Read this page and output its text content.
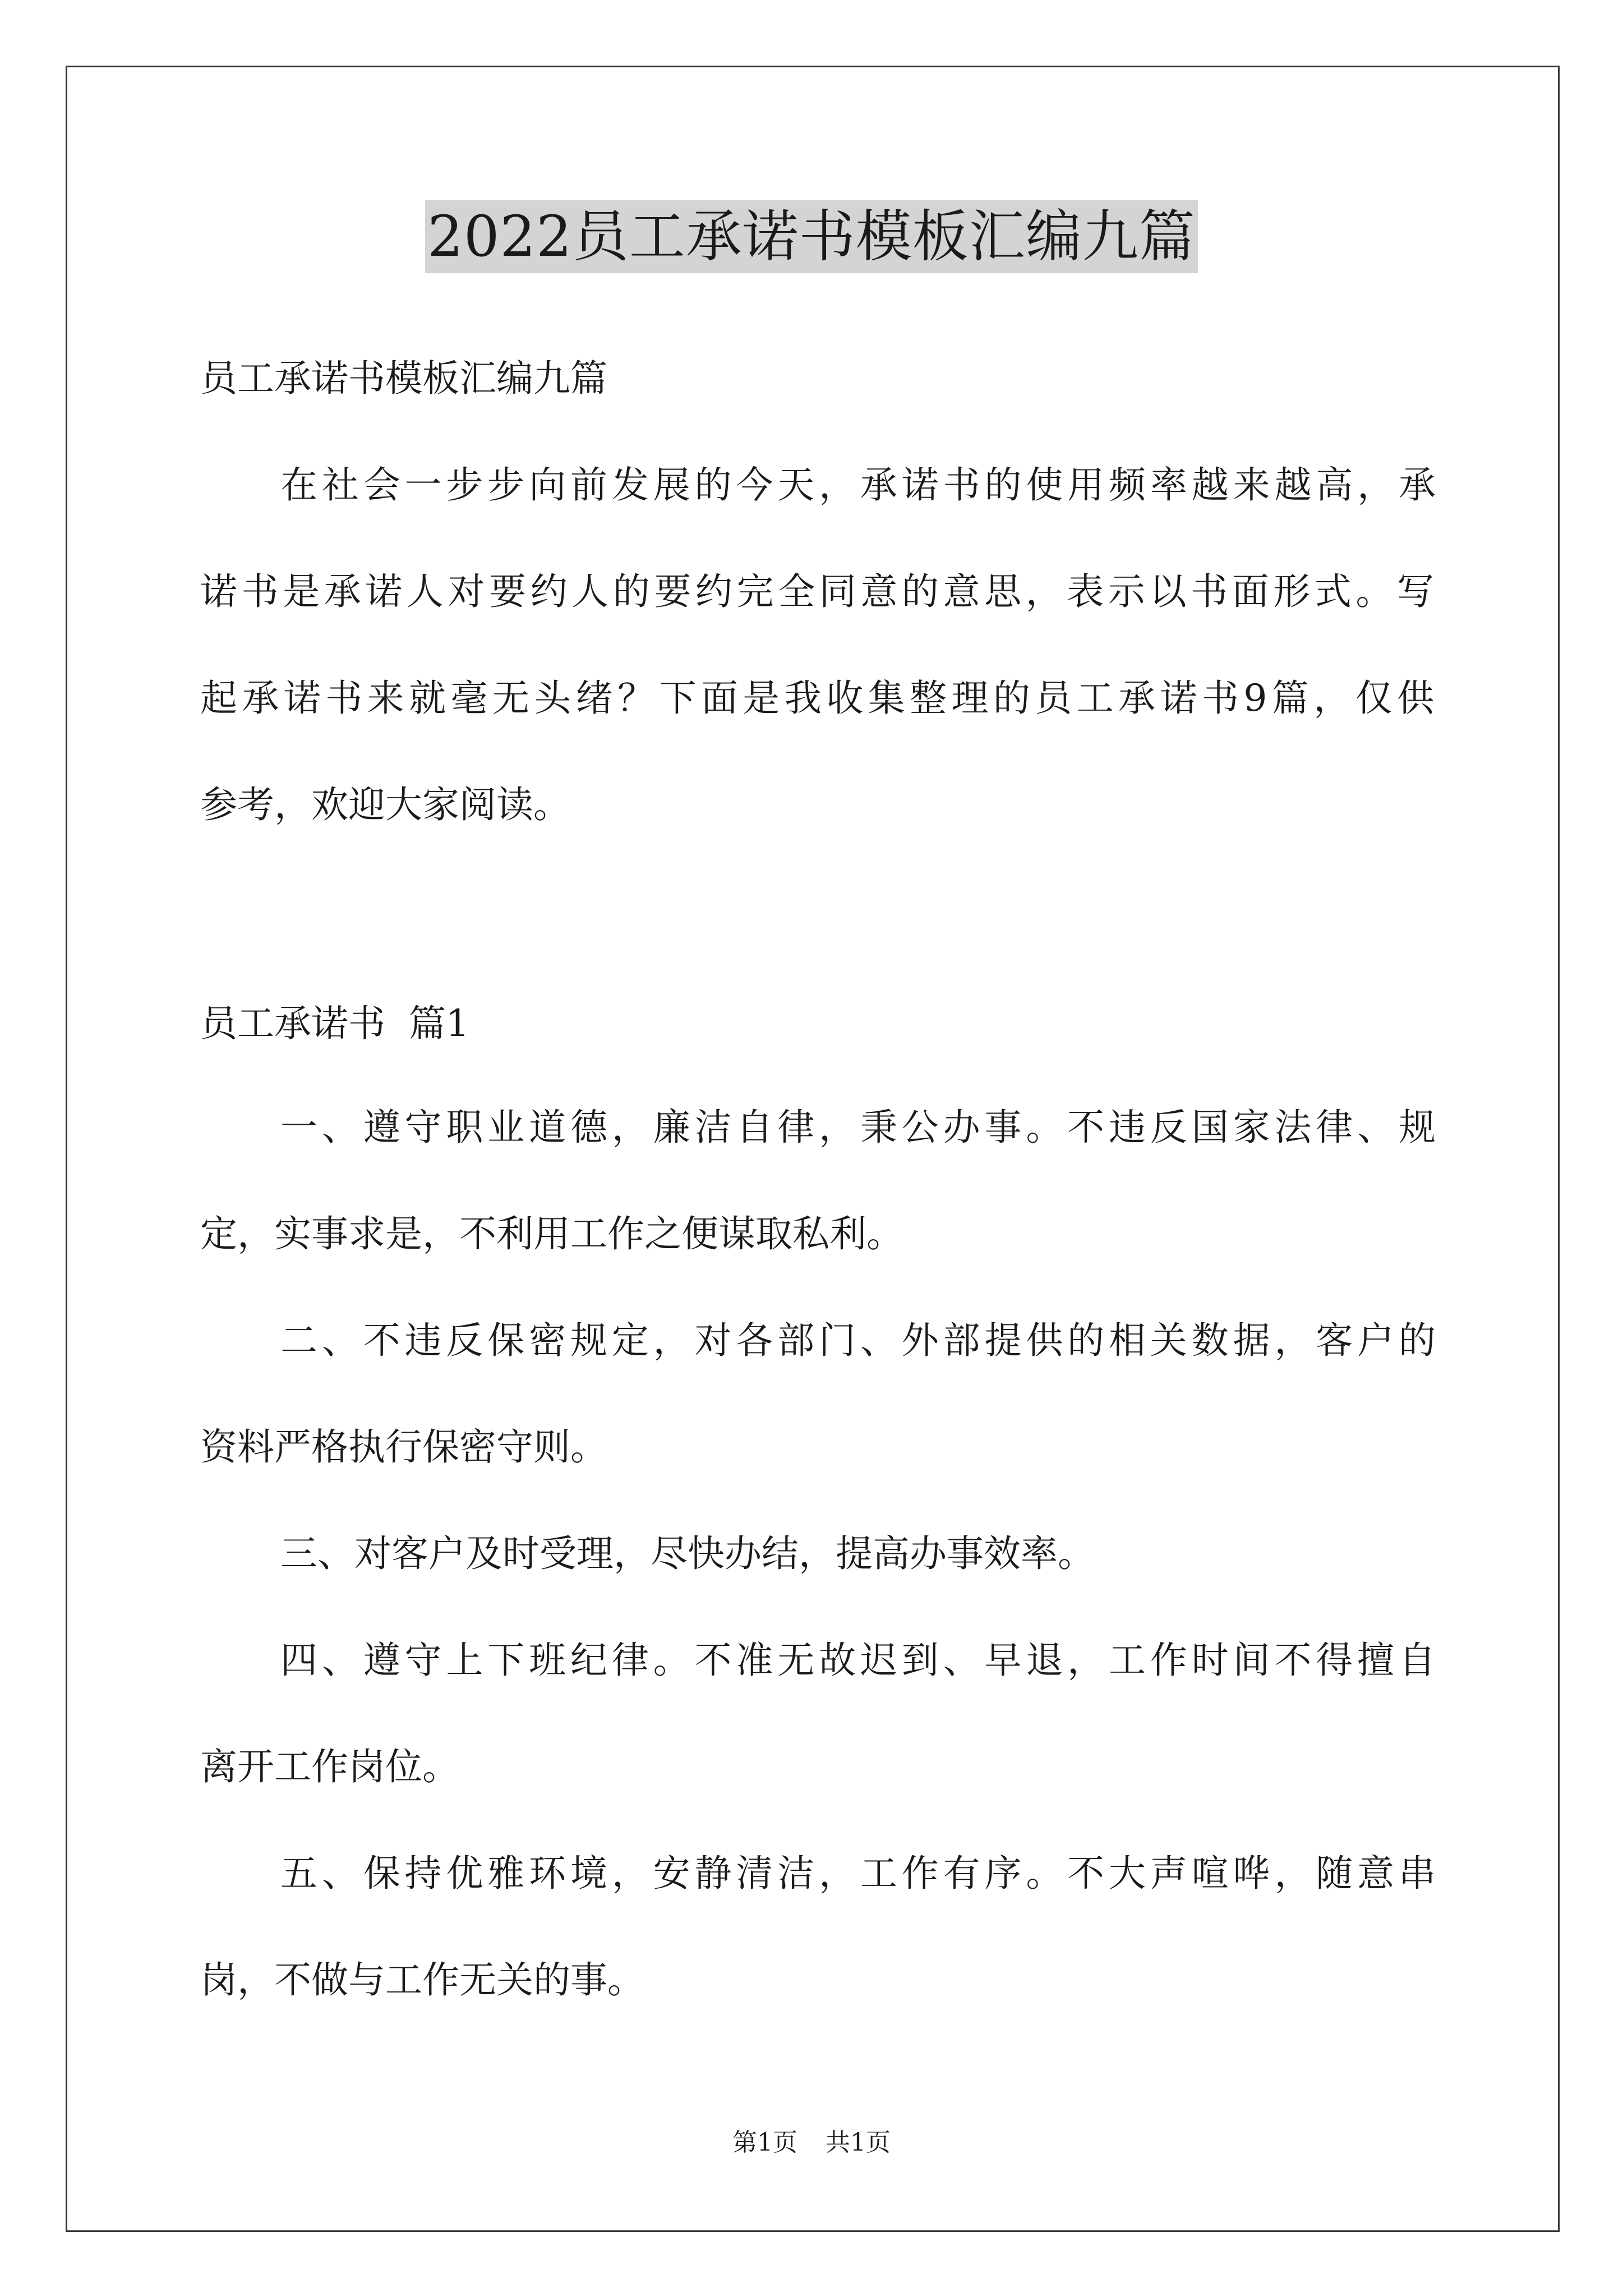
2022员工承诺书模板汇编九篇
员工承诺书模板汇编九篇
在社会一步步向前发展的今天，承诺书的使用频率越来越高，承
诺书是承诺人对要约人的要约完全同意的意思，表示以书面形式。写
起承诺书来就毫无头绪？下面是我收集整理的员工承诺书9篇，仅供
参考，欢迎大家阅读。
员工承诺书  篇1
一、遵守职业道德，廉洁自律，秉公办事。不违反国家法律、规
定，实事求是，不利用工作之便谋取私利。
二、不违反保密规定，对各部门、外部提供的相关数据，客户的
资料严格执行保密守则。
三、对客户及时受理，尽快办结，提高办事效率。
四、遵守上下班纪律。不准无故迟到、早退，工作时间不得擅自
离开工作岗位。
五、保持优雅环境，安静清洁，工作有序。不大声喧哗，随意串
岗，不做与工作无关的事。
第1页 共1页
